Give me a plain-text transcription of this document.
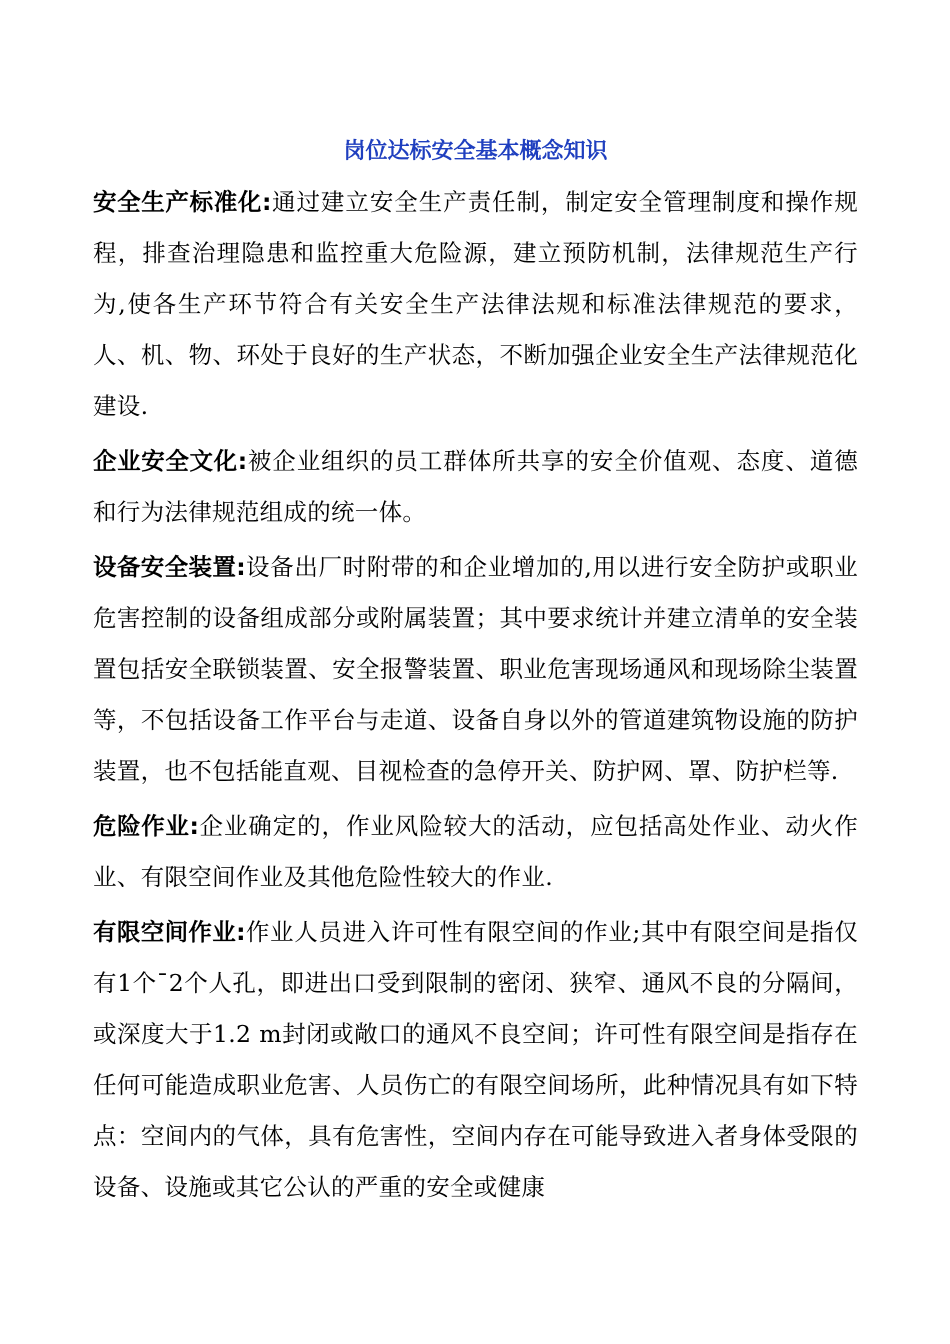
岗位达标安全基本概念知识

安全生产标准化:通过建立安全生产责任制，制定安全管理制度和操作规程，排查治理隐患和监控重大危险源，建立预防机制，法律规范生产行为,使各生产环节符合有关安全生产法律法规和标准法律规范的要求，人、机、物、环处于良好的生产状态，不断加强企业安全生产法律规范化建设.

企业安全文化:被企业组织的员工群体所共享的安全价值观、态度、道德和行为法律规范组成的统一体。

设备安全装置:设备出厂时附带的和企业增加的,用以进行安全防护或职业危害控制的设备组成部分或附属装置；其中要求统计并建立清单的安全装置包括安全联锁装置、安全报警装置、职业危害现场通风和现场除尘装置等，不包括设备工作平台与走道、设备自身以外的管道建筑物设施的防护装置，也不包括能直观、目视检查的急停开关、防护网、罩、防护栏等.

危险作业:企业确定的，作业风险较大的活动，应包括高处作业、动火作业、有限空间作业及其他危险性较大的作业.

有限空间作业:作业人员进入许可性有限空间的作业;其中有限空间是指仅有1个¯2个人孔，即进出口受到限制的密闭、狭窄、通风不良的分隔间，或深度大于1.2 m封闭或敞口的通风不良空间；许可性有限空间是指存在任何可能造成职业危害、人员伤亡的有限空间场所，此种情况具有如下特点：空间内的气体，具有危害性，空间内存在可能导致进入者身体受限的设备、设施或其它公认的严重的安全或健康
